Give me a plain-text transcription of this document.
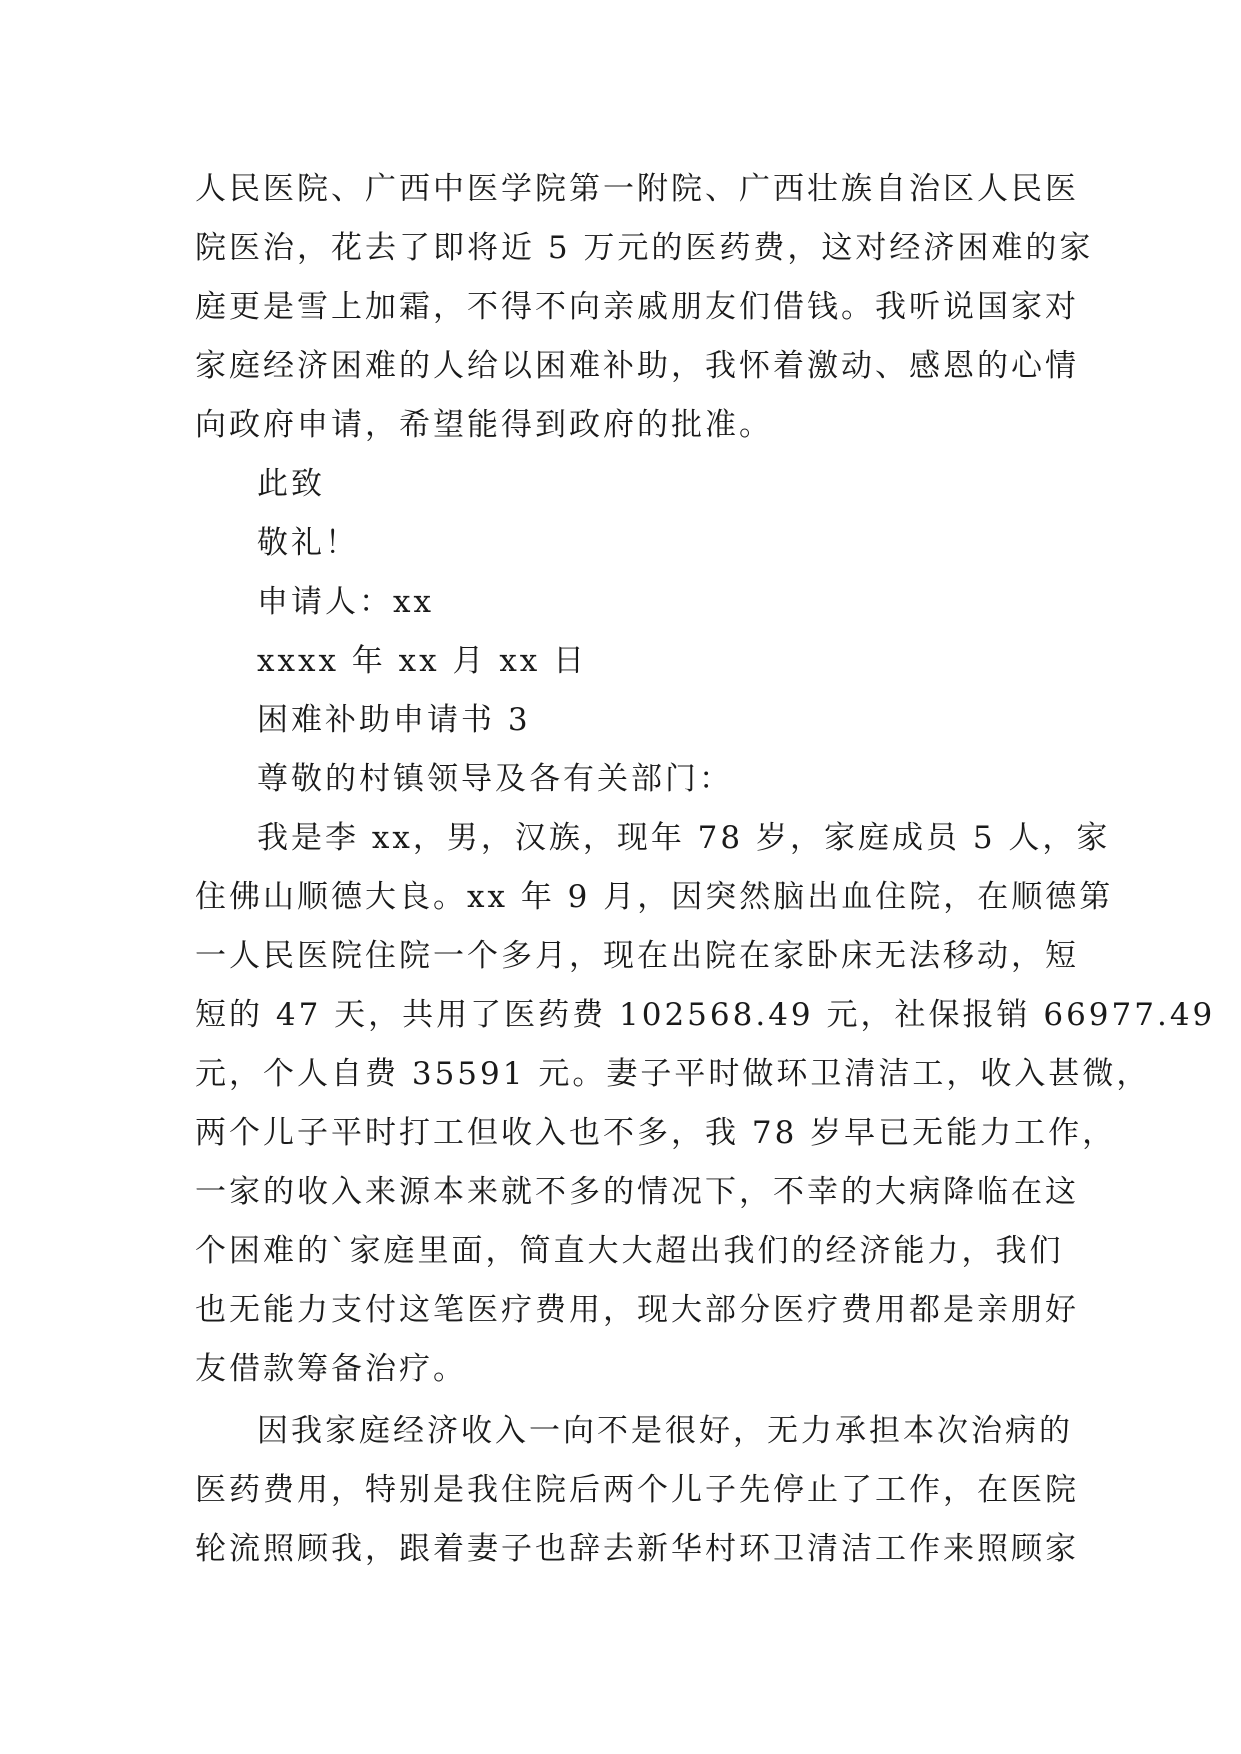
人民医院、广西中医学院第一附院、广西壮族自治区人民医
院医治，花去了即将近 5 万元的医药费，这对经济困难的家
庭更是雪上加霜，不得不向亲戚朋友们借钱。我听说国家对
家庭经济困难的人给以困难补助，我怀着激动、感恩的心情
向政府申请，希望能得到政府的批准。
此致
敬礼！
申请人：xx
xxxx 年 xx 月 xx 日
困难补助申请书 3
尊敬的村镇领导及各有关部门：
我是李 xx，男，汉族，现年 78 岁，家庭成员 5 人，家
住佛山顺德大良。xx 年 9 月，因突然脑出血住院，在顺德第
一人民医院住院一个多月，现在出院在家卧床无法移动，短
短的 47 天，共用了医药费 102568.49 元，社保报销 66977.49
元，个人自费 35591 元。妻子平时做环卫清洁工，收入甚微，
两个儿子平时打工但收入也不多，我 78 岁早已无能力工作，
一家的收入来源本来就不多的情况下，不幸的大病降临在这
个困难的`家庭里面，简直大大超出我们的经济能力，我们
也无能力支付这笔医疗费用，现大部分医疗费用都是亲朋好
友借款筹备治疗。
因我家庭经济收入一向不是很好，无力承担本次治病的
医药费用，特别是我住院后两个儿子先停止了工作，在医院
轮流照顾我，跟着妻子也辞去新华村环卫清洁工作来照顾家
